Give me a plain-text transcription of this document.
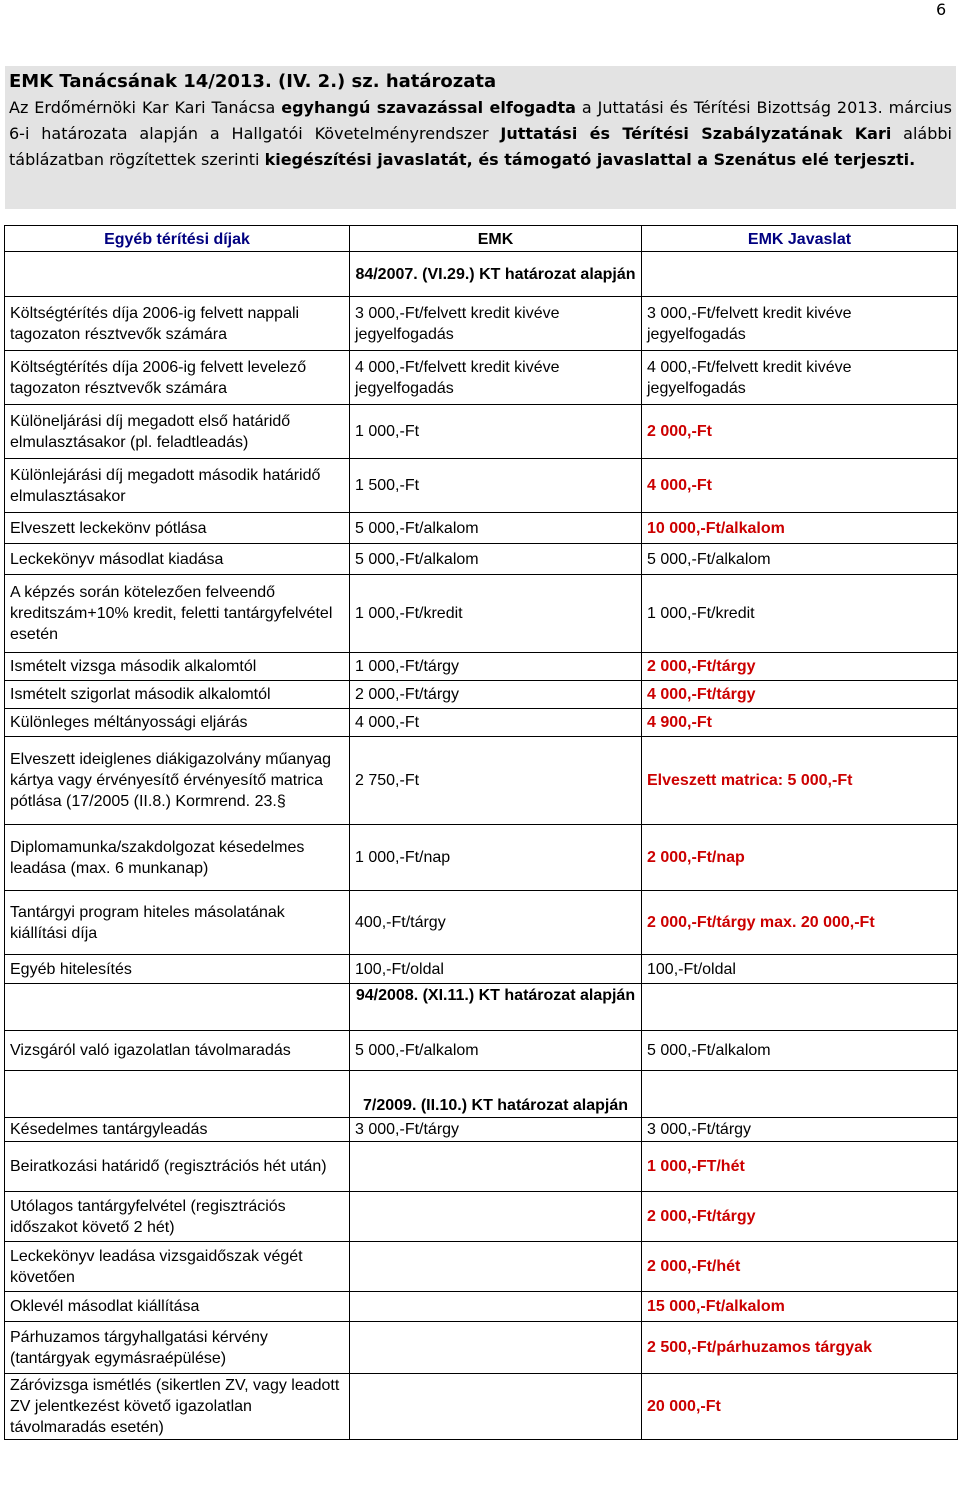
6
EMK Tanácsának 14/2013. (IV. 2.) sz. határozata

Az Erdőmérnöki Kar Kari Tanácsa egyhangú szavazással elfogadta a Juttatási és Térítési Bizottság 2013. március 6-i határozata alapján a Hallgatói Követelményrendszer Juttatási és Térítési Szabályzatának Kari alábbi táblázatban rögzítettek szerinti kiegészítési javaslatát, és támogató javaslattal a Szenátus elé terjeszti.

Egyéb térítési díjak	EMK	EMK Javaslat
	84/2007. (VI.29.) KT határozat alapján	
Költségtérítés díja 2006-ig felvett nappali tagozaton résztvevők számára	3 000,-Ft/felvett kredit kivéve jegyelfogadás	3 000,-Ft/felvett kredit kivéve jegyelfogadás
Költségtérítés díja 2006-ig felvett levelező tagozaton résztvevők számára	4 000,-Ft/felvett kredit kivéve jegyelfogadás	4 000,-Ft/felvett kredit kivéve jegyelfogadás
Különeljárási díj megadott első határidő elmulasztásakor (pl. feladtleadás)	1 000,-Ft	2 000,-Ft
Különlejárási díj megadott második határidő elmulasztásakor	1 500,-Ft	4 000,-Ft
Elveszett leckekönv pótlása	5 000,-Ft/alkalom	10 000,-Ft/alkalom
Leckekönyv másodlat kiadása	5 000,-Ft/alkalom	5 000,-Ft/alkalom
A képzés során kötelezően felveendő kreditszám+10% kredit, feletti tantárgyfelvétel esetén	1 000,-Ft/kredit	1 000,-Ft/kredit
Ismételt vizsga második alkalomtól	1 000,-Ft/tárgy	2 000,-Ft/tárgy
Ismételt szigorlat második alkalomtól	2 000,-Ft/tárgy	4 000,-Ft/tárgy
Különleges méltányossági eljárás	4 000,-Ft	4 900,-Ft
Elveszett ideiglenes diákigazolvány műanyag kártya vagy érvényesítő érvényesítő matrica pótlása (17/2005 (II.8.) Kormrend. 23.§	2 750,-Ft	Elveszett matrica: 5 000,-Ft
Diplomamunka/szakdolgozat késedelmes leadása (max. 6 munkanap)	1 000,-Ft/nap	2 000,-Ft/nap
Tantárgyi program hiteles másolatának kiállítási díja	400,-Ft/tárgy	2 000,-Ft/tárgy max. 20 000,-Ft
Egyéb hitelesítés	100,-Ft/oldal	100,-Ft/oldal
	94/2008. (XI.11.) KT határozat alapján	
Vizsgáról való igazolatlan távolmaradás	5 000,-Ft/alkalom	5 000,-Ft/alkalom
	7/2009. (II.10.) KT határozat alapján	
Késedelmes tantárgyleadás	3 000,-Ft/tárgy	3 000,-Ft/tárgy
Beiratkozási határidő (regisztrációs hét után)		1 000,-FT/hét
Utólagos tantárgyfelvétel (regisztrációs időszakot követő 2 hét)		2 000,-Ft/tárgy
Leckekönyv leadása vizsgaidőszak végét követően		2 000,-Ft/hét
Oklevél másodlat kiállítása		15 000,-Ft/alkalom
Párhuzamos tárgyhallgatási kérvény (tantárgyak egymásraépülése)		2 500,-Ft/párhuzamos tárgyak
Záróvizsga ismétlés (sikertlen ZV, vagy leadott ZV jelentkezést követő igazolatlan távolmaradás esetén)		20 000,-Ft
